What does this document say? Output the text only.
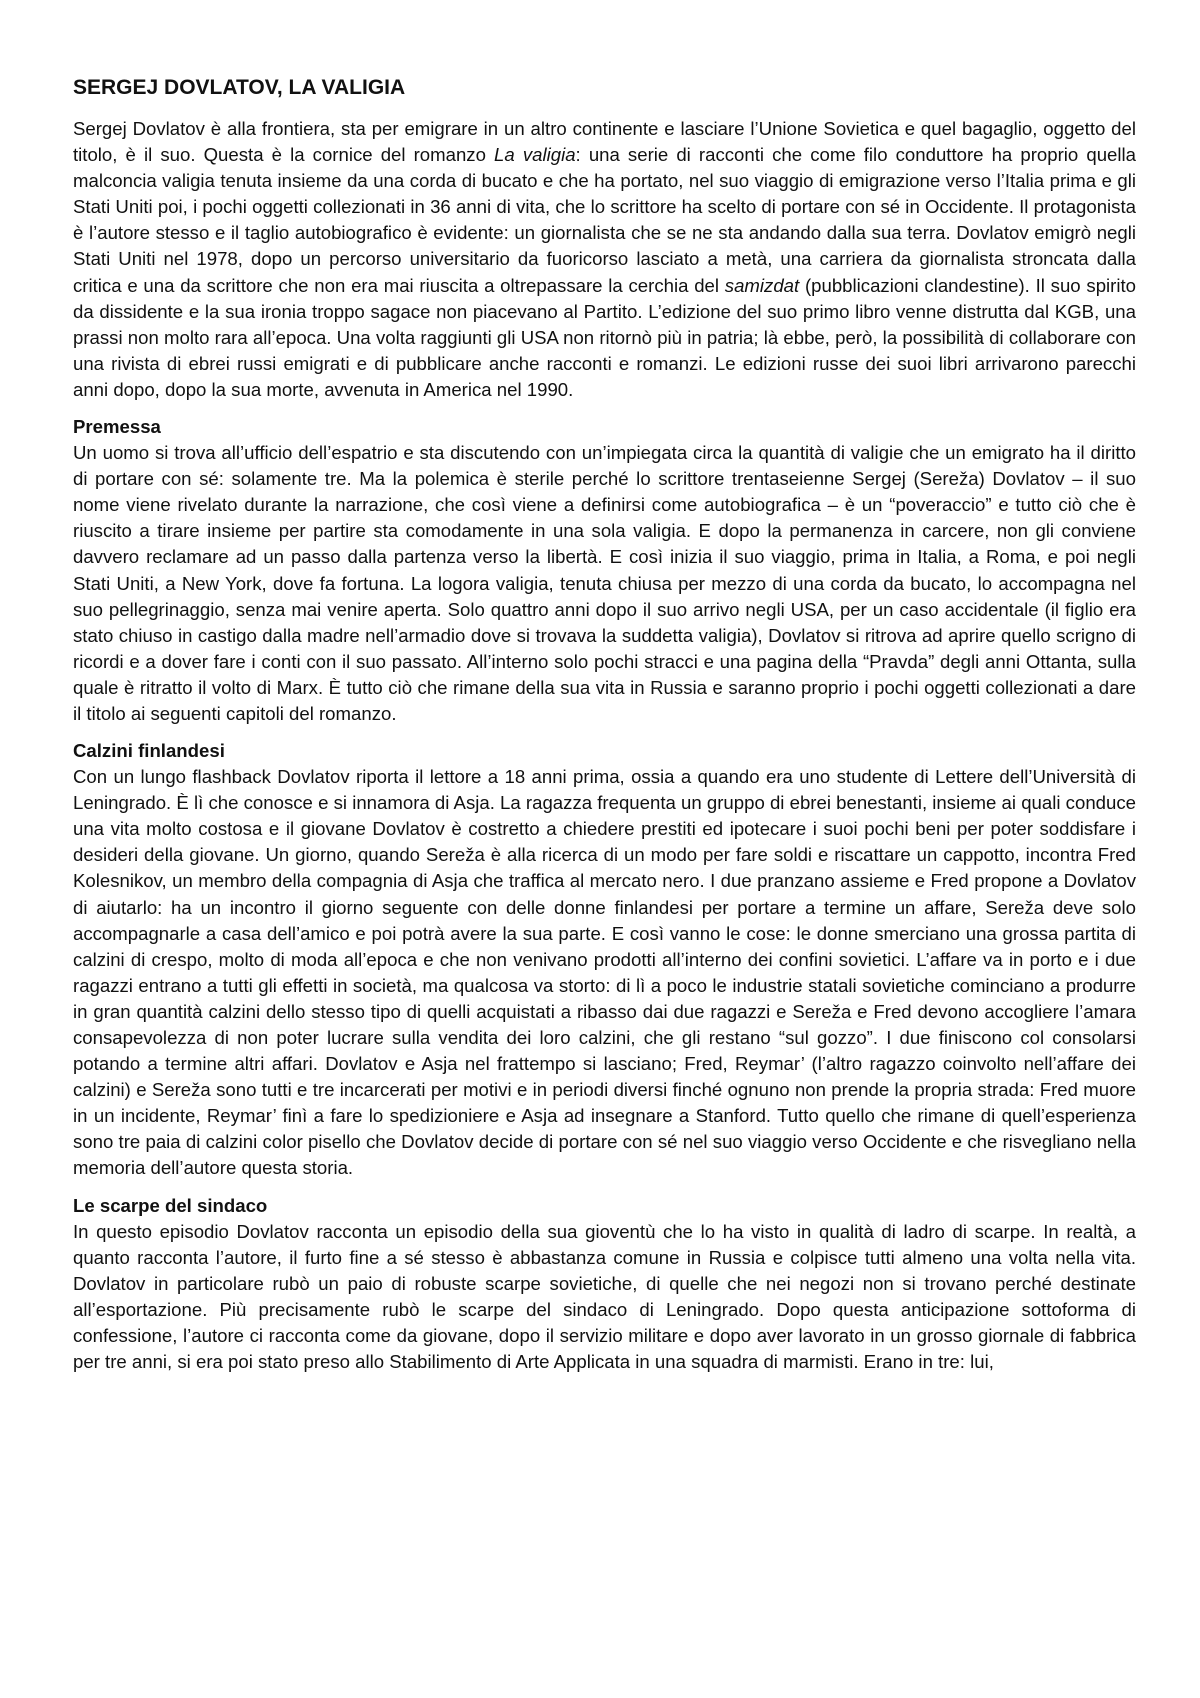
SERGEJ DOVLATOV, LA VALIGIA

Sergej Dovlatov è alla frontiera, sta per emigrare in un altro continente e lasciare l’Unione Sovietica e quel bagaglio, oggetto del titolo, è il suo. Questa è la cornice del romanzo La valigia: una serie di racconti che come filo conduttore ha proprio quella malconcia valigia tenuta insieme da una corda di bucato e che ha portato, nel suo viaggio di emigrazione verso l’Italia prima e gli Stati Uniti poi, i pochi oggetti collezionati in 36 anni di vita, che lo scrittore ha scelto di portare con sé in Occidente. Il protagonista è l’autore stesso e il taglio autobiografico è evidente: un giornalista che se ne sta andando dalla sua terra. Dovlatov emigrò negli Stati Uniti nel 1978, dopo un percorso universitario da fuoricorso lasciato a metà, una carriera da giornalista stroncata dalla critica e una da scrittore che non era mai riuscita a oltrepassare la cerchia del samizdat (pubblicazioni clandestine). Il suo spirito da dissidente e la sua ironia troppo sagace non piacevano al Partito. L’edizione del suo primo libro venne distrutta dal KGB, una prassi non molto rara all’epoca. Una volta raggiunti gli USA non ritornò più in patria; là ebbe, però, la possibilità di collaborare con una rivista di ebrei russi emigrati e di pubblicare anche racconti e romanzi. Le edizioni russe dei suoi libri arrivarono parecchi anni dopo, dopo la sua morte, avvenuta in America nel 1990.

Premessa

Un uomo si trova all’ufficio dell’espatrio e sta discutendo con un’impiegata circa la quantità di valigie che un emigrato ha il diritto di portare con sé: solamente tre. Ma la polemica è sterile perché lo scrittore trentaseienne Sergej (Sereža) Dovlatov – il suo nome viene rivelato durante la narrazione, che così viene a definirsi come autobiografica – è un “poveraccio” e tutto ciò che è riuscito a tirare insieme per partire sta comodamente in una sola valigia. E dopo la permanenza in carcere, non gli conviene davvero reclamare ad un passo dalla partenza verso la libertà. E così inizia il suo viaggio, prima in Italia, a Roma, e poi negli Stati Uniti, a New York, dove fa fortuna. La logora valigia, tenuta chiusa per mezzo di una corda da bucato, lo accompagna nel suo pellegrinaggio, senza mai venire aperta. Solo quattro anni dopo il suo arrivo negli USA, per un caso accidentale (il figlio era stato chiuso in castigo dalla madre nell’armadio dove si trovava la suddetta valigia), Dovlatov si ritrova ad aprire quello scrigno di ricordi e a dover fare i conti con il suo passato. All’interno solo pochi stracci e una pagina della “Pravda” degli anni Ottanta, sulla quale è ritratto il volto di Marx. È tutto ciò che rimane della sua vita in Russia e saranno proprio i pochi oggetti collezionati a dare il titolo ai seguenti capitoli del romanzo.

Calzini finlandesi

Con un lungo flashback Dovlatov riporta il lettore a 18 anni prima, ossia a quando era uno studente di Lettere dell’Università di Leningrado. È lì che conosce e si innamora di Asja. La ragazza frequenta un gruppo di ebrei benestanti, insieme ai quali conduce una vita molto costosa e il giovane Dovlatov è costretto a chiedere prestiti ed ipotecare i suoi pochi beni per poter soddisfare i desideri della giovane. Un giorno, quando Sereža è alla ricerca di un modo per fare soldi e riscattare un cappotto, incontra Fred Kolesnikov, un membro della compagnia di Asja che traffica al mercato nero. I due pranzano assieme e Fred propone a Dovlatov di aiutarlo: ha un incontro il giorno seguente con delle donne finlandesi per portare a termine un affare, Sereža deve solo accompagnarle a casa dell’amico e poi potrà avere la sua parte. E così vanno le cose: le donne smerciano una grossa partita di calzini di crespo, molto di moda all’epoca e che non venivano prodotti all’interno dei confini sovietici. L’affare va in porto e i due ragazzi entrano a tutti gli effetti in società, ma qualcosa va storto: di lì a poco le industrie statali sovietiche cominciano a produrre in gran quantità calzini dello stesso tipo di quelli acquistati a ribasso dai due ragazzi e Sereža e Fred devono accogliere l’amara consapevolezza di non poter lucrare sulla vendita dei loro calzini, che gli restano “sul gozzo”. I due finiscono col consolarsi potando a termine altri affari. Dovlatov e Asja nel frattempo si lasciano; Fred, Reymar’ (l’altro ragazzo coinvolto nell’affare dei calzini) e Sereža sono tutti e tre incarcerati per motivi e in periodi diversi finché ognuno non prende la propria strada: Fred muore in un incidente, Reymar’ finì a fare lo spedizioniere e Asja ad insegnare a Stanford. Tutto quello che rimane di quell’esperienza sono tre paia di calzini color pisello che Dovlatov decide di portare con sé nel suo viaggio verso Occidente e che risvegliano nella memoria dell’autore questa storia.

Le scarpe del sindaco

In questo episodio Dovlatov racconta un episodio della sua gioventù che lo ha visto in qualità di ladro di scarpe. In realtà, a quanto racconta l’autore, il furto fine a sé stesso è abbastanza comune in Russia e colpisce tutti almeno una volta nella vita. Dovlatov in particolare rubò un paio di robuste scarpe sovietiche, di quelle che nei negozi non si trovano perché destinate all’esportazione. Più precisamente rubò le scarpe del sindaco di Leningrado. Dopo questa anticipazione sottoforma di confessione, l’autore ci racconta come da giovane, dopo il servizio militare e dopo aver lavorato in un grosso giornale di fabbrica per tre anni, si era poi stato preso allo Stabilimento di Arte Applicata in una squadra di marmisti. Erano in tre: lui,
